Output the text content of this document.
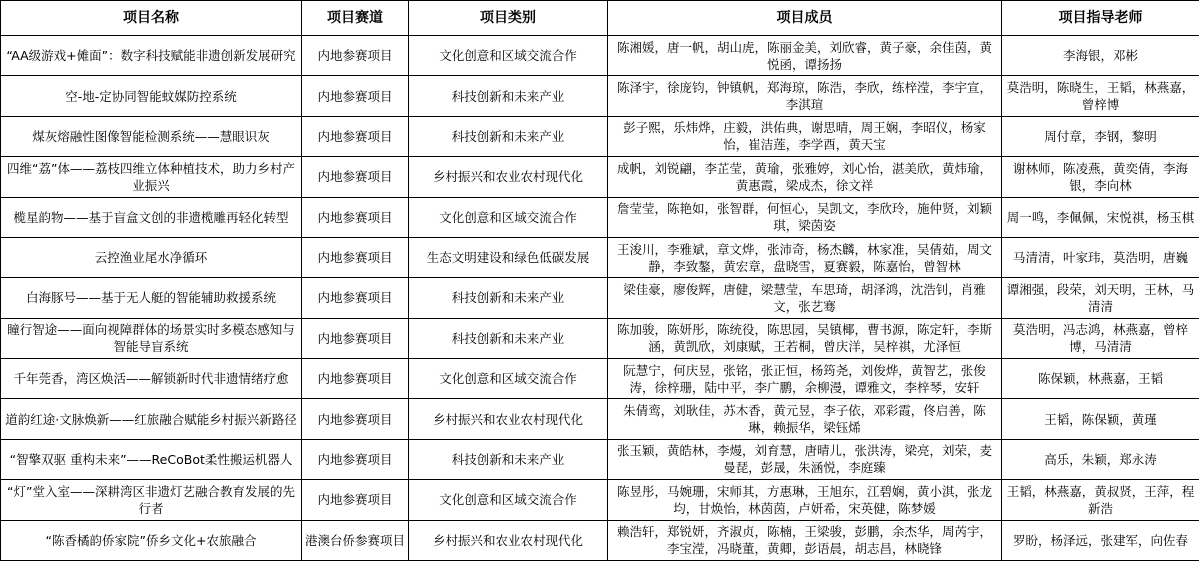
项目名称	项目赛道	项目类别	项目成员	项目指导老师
“AA级游戏+傩面”：数字科技赋能非遗创新发展研究	内地参赛项目	文化创意和区域交流合作	陈湘媛，唐一帆，胡山虎，陈丽金美，刘欣睿，黄子豪，余佳茵，黄悦函，谭扬扬	李海银，邓彬
空-地-定协同智能蚊媒防控系统	内地参赛项目	科技创新和未来产业	陈泽宇，徐庞钧，钟镇帆，郑海琼，陈浩，李欣，练梓滢，李宇宣，李淇瑄	莫浩明，陈晓生，王韬，林燕嘉，曾梓博
煤灰熔融性图像智能检测系统——慧眼识灰	内地参赛项目	科技创新和未来产业	彭子熙，乐炜烨，庄毅，洪佑典，谢思晴，周王娴，李昭仪，杨家怡，崔洁莲，李学酉，黄天宝	周付章，李钢，黎明
四维“荔”体——荔枝四维立体种植技术，助力乡村产业振兴	内地参赛项目	乡村振兴和农业农村现代化	成帆，刘锐翩，李芷莹，黄瑜，张雅婷，刘心怡，湛美欣，黄炜瑜，黄惠霞，梁成杰，徐文祥	谢林师，陈凌燕，黄奕倩，李海银，李向林
榄星韵物——基于盲盒文创的非遗榄雕再轻化转型	内地参赛项目	文化创意和区域交流合作	詹莹莹，陈艳如，张智群，何恒心，吴凯文，李欣玲，施仲贤，刘颖琪，梁茵姿	周一鸣，李佩佩，宋悦祺，杨玉棋
云控渔业尾水净循环	内地参赛项目	生态文明建设和绿色低碳发展	王浚川，李雅斌，章文烨，张沛奇，杨杰麟，林家准，吴倩茹，周文静，李致鏊，黄宏章，盘晓雪，夏赛毅，陈嘉怡，曾智林	马清清，叶家玮，莫浩明，唐巍
白海豚号——基于无人艇的智能辅助救援系统	内地参赛项目	科技创新和未来产业	梁佳豪，廖俊辉，唐健，梁慧莹，车思琦，胡泽鸿，沈浩钊，肖雅文，张艺骞	谭湘强，段荣，刘天明，王林，马清清
瞳行智途——面向视障群体的场景实时多模态感知与智能导盲系统	内地参赛项目	科技创新和未来产业	陈加骏，陈妍彤，陈统役，陈思园，吴镇椰，曹书源，陈定轩，李斯涵，黄凯欣，刘康赋，王若桐，曾庆洋，吴梓祺，尤泽恒	莫浩明，冯志鸿，林燕嘉，曾梓博，马清清
千年莞香，湾区焕活——解锁新时代非遗情绪疗愈	内地参赛项目	文化创意和区域交流合作	阮慧宁，何庆昱，张铭，张正恒，杨筠尧，刘俊烨，黄智艺，张俊涛，徐梓珊，陆中平，李广鹏，余柳漫，谭雅文，李梓琴，安轩	陈保颖，林燕嘉，王韬
道韵红途·文脉焕新——红旅融合赋能乡村振兴新路径	内地参赛项目	乡村振兴和农业农村现代化	朱倩鸾，刘耿佳，苏木香，黄元昱，李子依，邓彩霞，佟启善，陈琳，赖振华，梁钰烯	王韬，陈保颖，黄瑾
“智擎双驱 重构未来”——ReCoBot柔性搬运机器人	内地参赛项目	科技创新和未来产业	张玉颖，黄皓林，李熳，刘育慧，唐晴儿，张洪涛，梁亮，刘荣，麦曼琵，彭晟，朱涵悦，李庭臻	高乐，朱颖，郑永涛
“灯”堂入室——深耕湾区非遗灯艺融合教育发展的先行者	内地参赛项目	文化创意和区域交流合作	陈昱彤，马婉珊，宋师其，方惠琳，王旭东，江碧娴，黄小淇，张龙均，甘焕怡，林茵茵，卢妍希，宋英健，陈梦媛	王韬，林燕嘉，黄叔贤，王萍，程新浩
“陈香橘韵侨家院”侨乡文化+农旅融合	港澳台侨参赛项目	乡村振兴和农业农村现代化	赖浩轩，郑锐妍，齐淑贞，陈楠，王梁骏，彭鹏，余杰华，周芮宇，李宝滢，冯晓董，黄卿，彭语晨，胡志昌，林晓锋	罗盼，杨泽远，张建军，向佐春
